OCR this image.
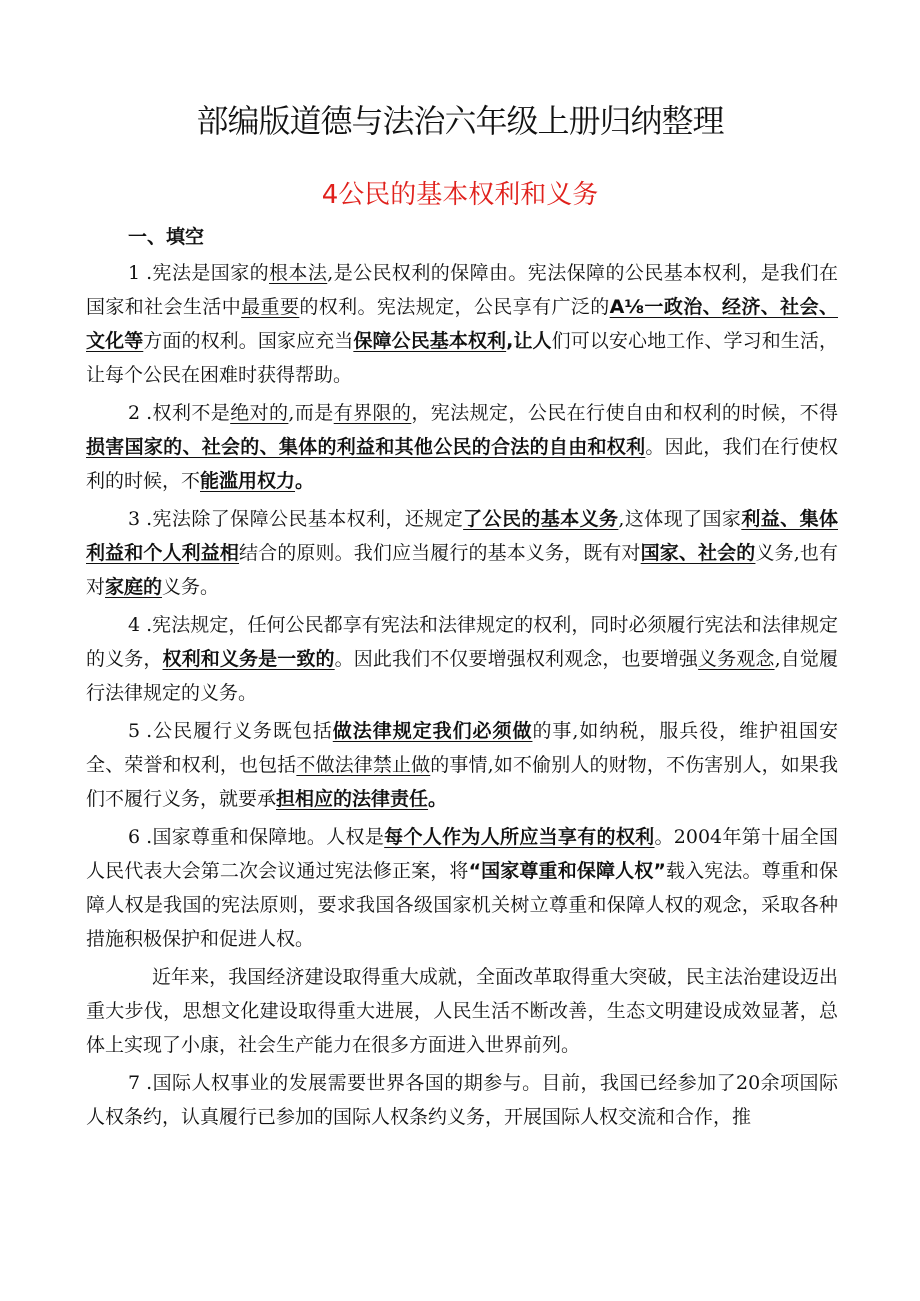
部编版道德与法治六年级上册归纳整理
4公民的基本权利和义务
一、填空

1 .宪法是国家的根本法,是公民权利的保障由。宪法保障的公民基本权利，是我们在国家和社会生活中最重要的权利。宪法规定，公民享有广泛的A⅛一政治、经济、社会、文化等方面的权利。国家应充当保障公民基本权利,让人们可以安心地工作、学习和生活，让每个公民在困难时获得帮助。

2 .权利不是绝对的,而是有界限的，宪法规定，公民在行使自由和权利的时候，不得损害国家的、社会的、集体的利益和其他公民的合法的自由和权利。因此，我们在行使权利的时候，不能滥用权力。

3 .宪法除了保障公民基本权利，还规定了公民的基本义务,这体现了国家利益、集体利益和个人利益相结合的原则。我们应当履行的基本义务，既有对国家、社会的义务,也有对家庭的义务。

4 .宪法规定，任何公民都享有宪法和法律规定的权利，同时必须履行宪法和法律规定的义务，权利和义务是一致的。因此我们不仅要增强权利观念，也要增强义务观念,自觉履行法律规定的义务。

5 .公民履行义务既包括做法律规定我们必须做的事,如纳税，服兵役，维护祖国安全、荣誉和权利，也包括不做法律禁止做的事情,如不偷别人的财物，不伤害别人，如果我们不履行义务，就要承担相应的法律责任。

6 .国家尊重和保障地。人权是每个人作为人所应当享有的权利。2004年第十届全国人民代表大会第二次会议通过宪法修正案，将“国家尊重和保障人权”载入宪法。尊重和保障人权是我国的宪法原则，要求我国各级国家机关树立尊重和保障人权的观念，采取各种措施积极保护和促进人权。

近年来，我国经济建设取得重大成就，全面改革取得重大突破，民主法治建设迈出重大步伐，思想文化建设取得重大进展，人民生活不断改善，生态文明建设成效显著，总体上实现了小康，社会生产能力在很多方面进入世界前列。

7 .国际人权事业的发展需要世界各国的期参与。目前，我国已经参加了20余项国际人权条约，认真履行已参加的国际人权条约义务，开展国际人权交流和合作，推
